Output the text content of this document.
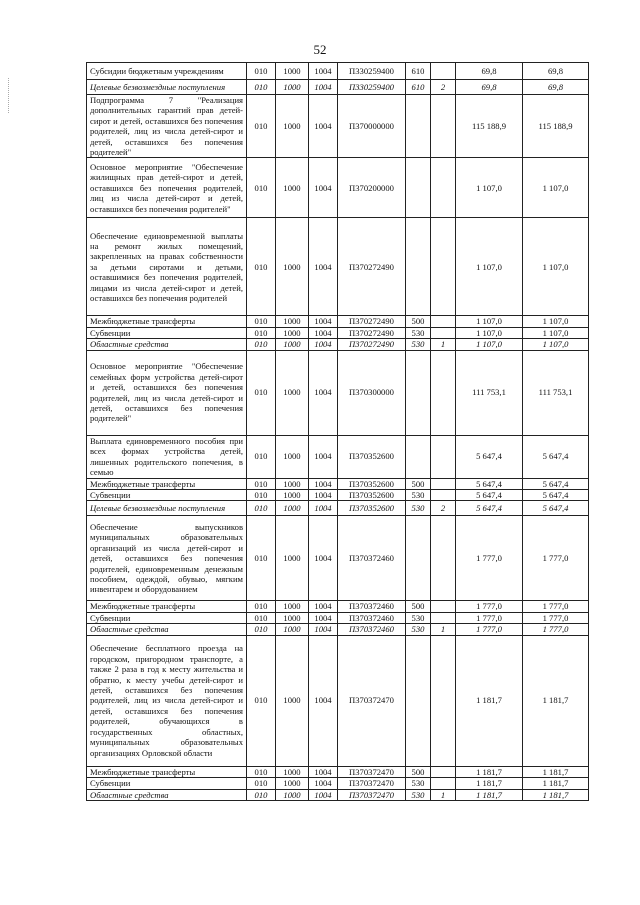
52
Субсидии бюджетным учреждениям	010	1000	1004	П330259400	610		69,8	69,8
Целевые безвозмездные поступления	010	1000	1004	П330259400	610	2	69,8	69,8
Подпрограмма 7 "Реализация дополнительных гарантий прав детей-сирот и детей, оставшихся без попечения родителей, лиц из числа детей-сирот и детей, оставшихся без попечения родителей"	010	1000	1004	П370000000			115 188,9	115 188,9
Основное мероприятие "Обеспечение жилищных прав детей-сирот и детей, оставшихся без попечения родителей, лиц из числа детей-сирот и детей, оставшихся без попечения родителей"	010	1000	1004	П370200000			1 107,0	1 107,0
Обеспечение единовременной выплаты на ремонт жилых помещений, закрепленных на правах собственности за детьми сиротами и детьми, оставшимися без попечения родителей, лицами из числа детей-сирот и детей, оставшихся без попечения родителей	010	1000	1004	П370272490			1 107,0	1 107,0
Межбюджетные трансферты	010	1000	1004	П370272490	500		1 107,0	1 107,0
Субвенции	010	1000	1004	П370272490	530		1 107,0	1 107,0
Областные средства	010	1000	1004	П370272490	530	1	1 107,0	1 107,0
Основное мероприятие "Обеспечение семейных форм устройства детей-сирот и детей, оставшихся без попечения родителей, лиц из числа детей-сирот и детей, оставшихся без попечения родителей"	010	1000	1004	П370300000			111 753,1	111 753,1
Выплата единовременного пособия при всех формах устройства детей, лишенных родительского попечения, в семью	010	1000	1004	П370352600			5 647,4	5 647,4
Межбюджетные трансферты	010	1000	1004	П370352600	500		5 647,4	5 647,4
Субвенции	010	1000	1004	П370352600	530		5 647,4	5 647,4
Целевые безвозмездные поступления	010	1000	1004	П370352600	530	2	5 647,4	5 647,4
Обеспечение выпускников муниципальных образовательных организаций из числа детей-сирот и детей, оставшихся без попечения родителей, единовременным денежным пособием, одеждой, обувью, мягким инвентарем и оборудованием	010	1000	1004	П370372460			1 777,0	1 777,0
Межбюджетные трансферты	010	1000	1004	П370372460	500		1 777,0	1 777,0
Субвенции	010	1000	1004	П370372460	530		1 777,0	1 777,0
Областные средства	010	1000	1004	П370372460	530	1	1 777,0	1 777,0
Обеспечение бесплатного проезда на городском, пригородном транспорте, а также 2 раза в год к месту жительства и обратно, к месту учебы детей-сирот и детей, оставшихся без попечения родителей, лиц из числа детей-сирот и детей, оставшихся без попечения родителей, обучающихся в государственных областных, муниципальных образовательных организациях Орловской области	010	1000	1004	П370372470			1 181,7	1 181,7
Межбюджетные трансферты	010	1000	1004	П370372470	500		1 181,7	1 181,7
Субвенции	010	1000	1004	П370372470	530		1 181,7	1 181,7
Областные средства	010	1000	1004	П370372470	530	1	1 181,7	1 181,7
